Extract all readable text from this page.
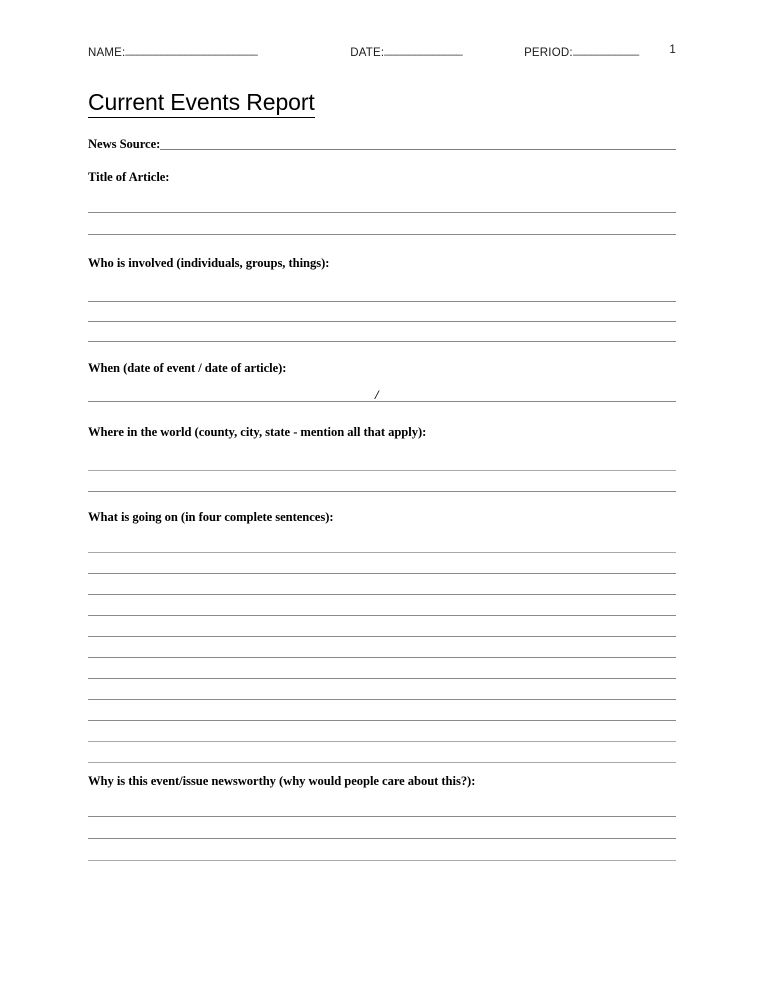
NAME:______________________	DATE:_____________	PERIOD:___________	1
Current Events Report
News Source:
Title of Article:
Who is involved (individuals, groups, things):
When (date of event / date of article):
/
Where in the world (county, city, state - mention all that apply):
What is going on (in four complete sentences):
Why is this event/issue newsworthy (why would people care about this?):
